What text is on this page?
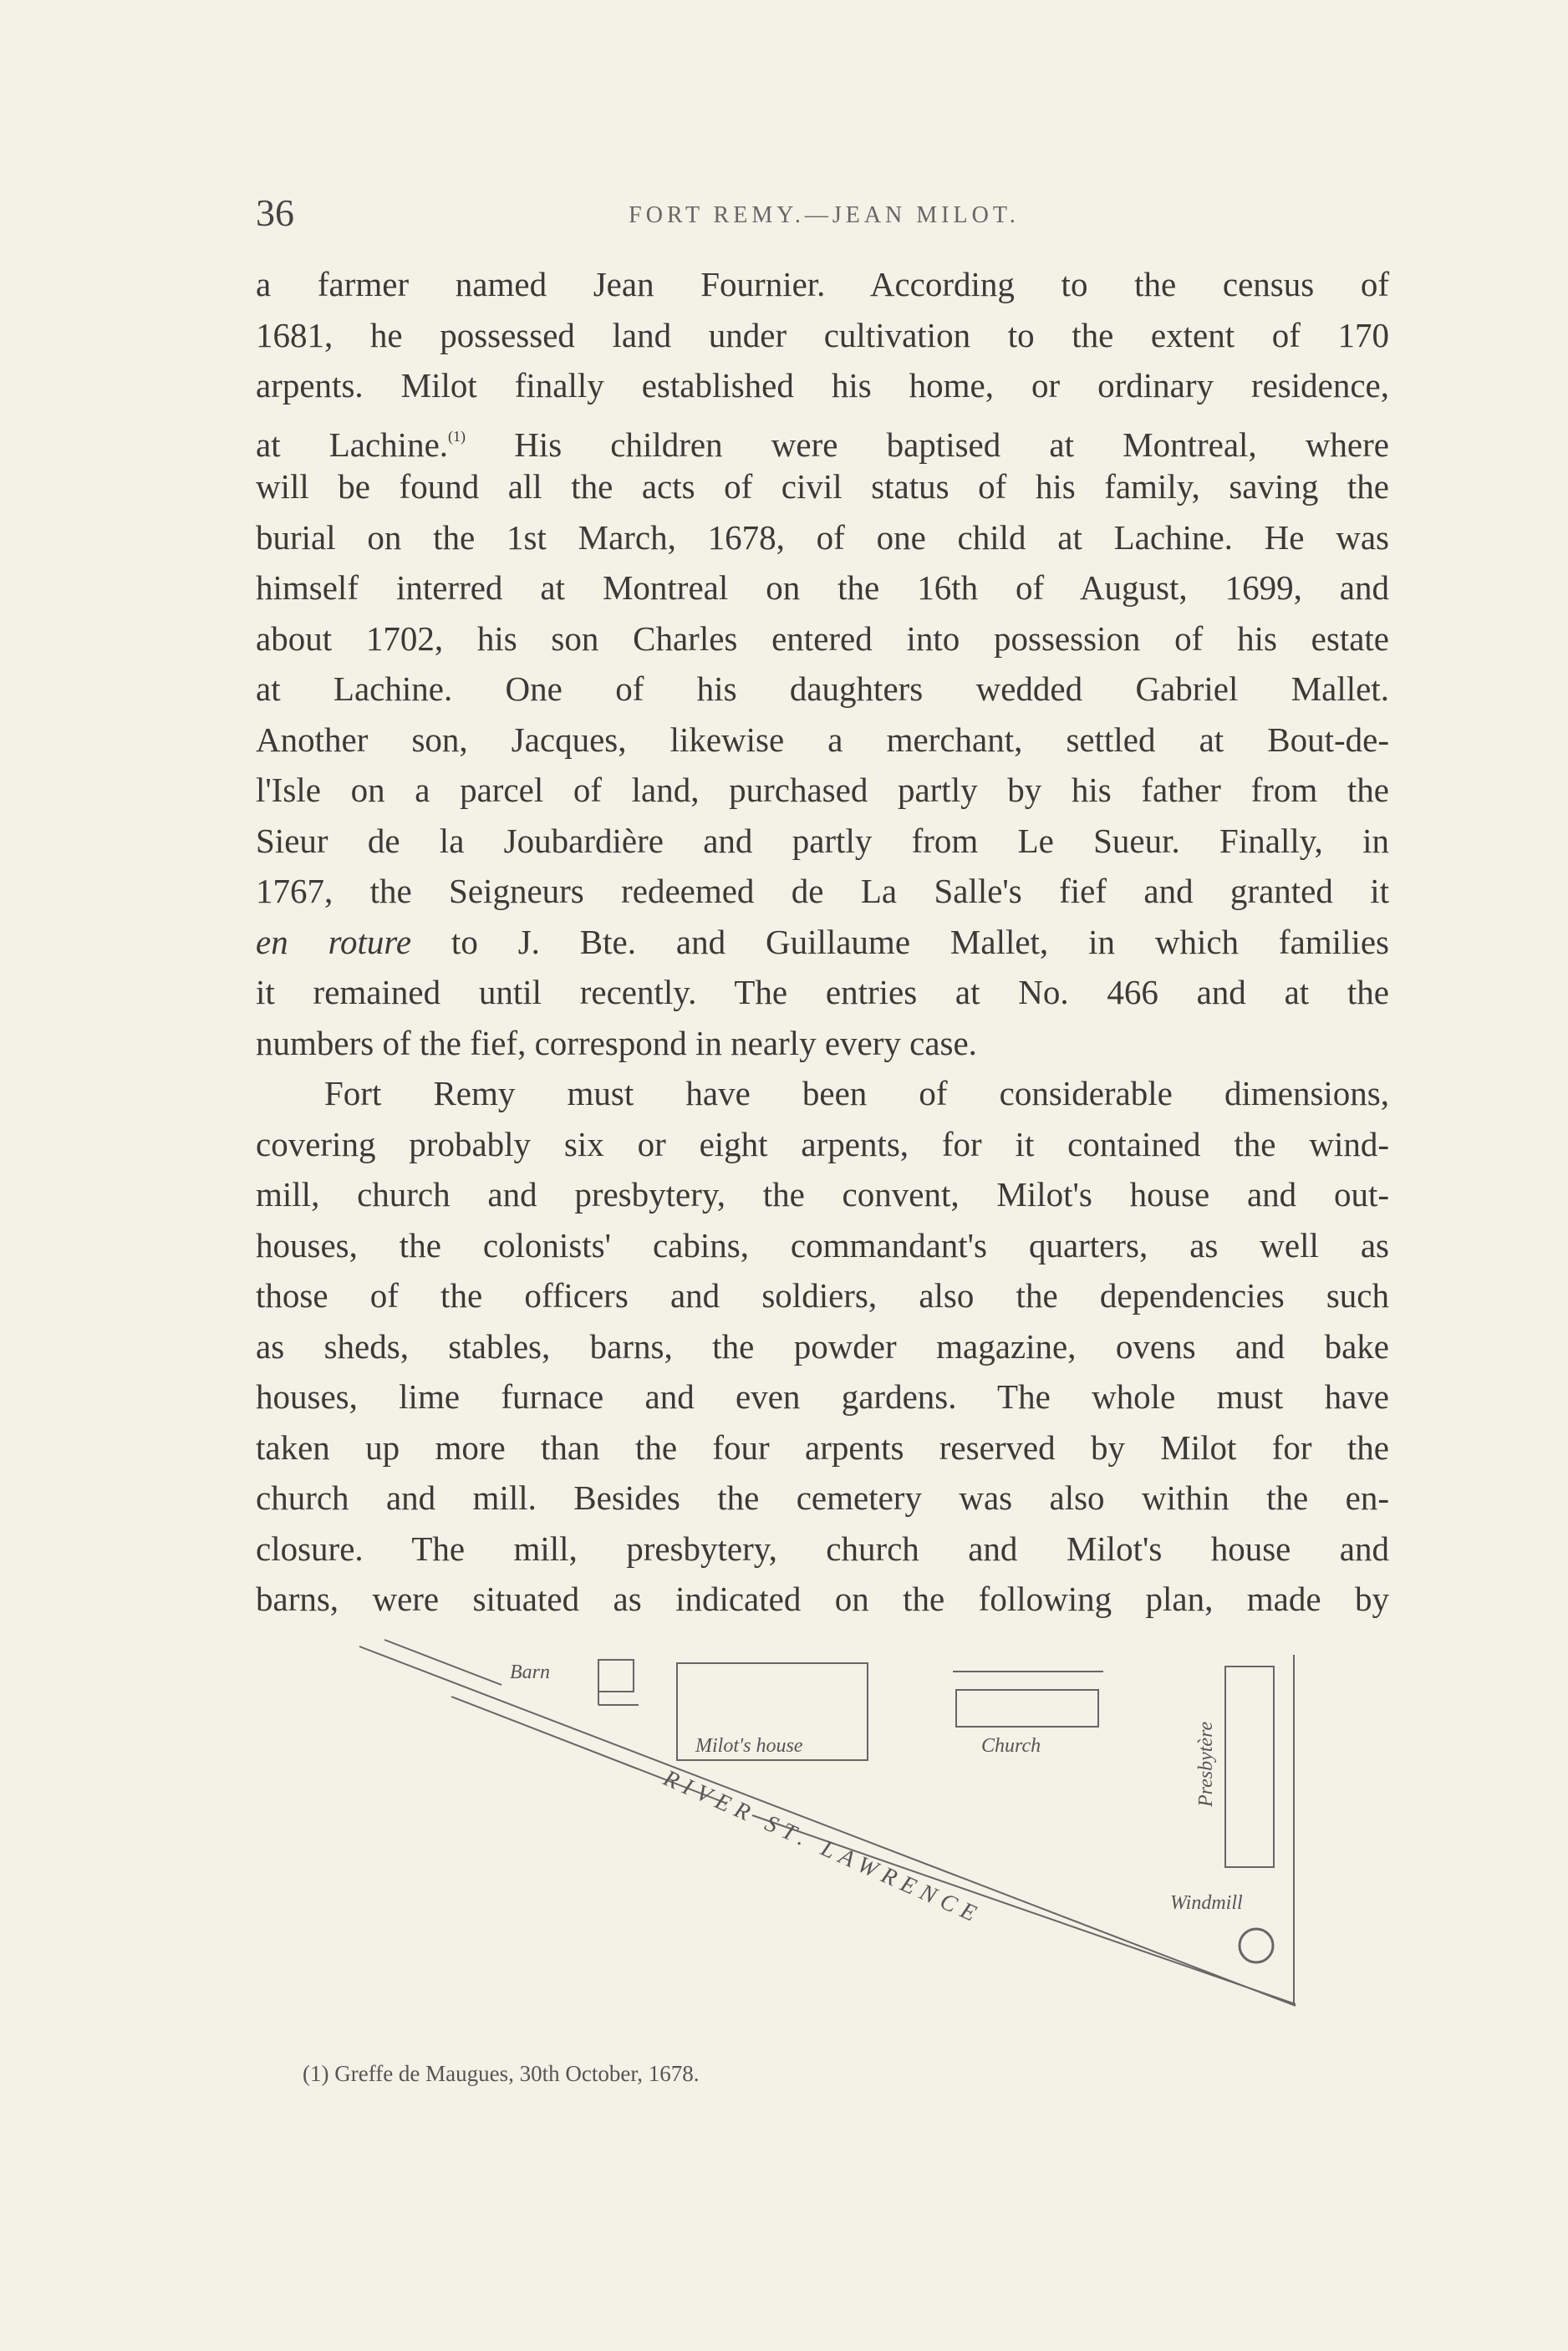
36	FORT REMY.—JEAN MILOT.
a farmer named Jean Fournier. According to the census of
1681, he possessed land under cultivation to the extent of 170
arpents. Milot finally established his home, or ordinary residence,
at Lachine.$^{(1)}$ His children were baptised at Montreal, where
will be found all the acts of civil status of his family, saving the
burial on the 1st March, 1678, of one child at Lachine. He was
himself interred at Montreal on the 16th of August, 1699, and
about 1702, his son Charles entered into possession of his estate
at Lachine. One of his daughters wedded Gabriel Mallet.
Another son, Jacques, likewise a merchant, settled at Bout-de-
l'Isle on a parcel of land, purchased partly by his father from the
Sieur de la Joubardière and partly from Le Sueur. Finally, in
1767, the Seigneurs redeemed de La Salle's fief and granted it
en roture to J. Bte. and Guillaume Mallet, in which families
it remained until recently. The entries at No. 466 and at the
numbers of the fief, correspond in nearly every case.
Fort Remy must have been of considerable dimensions,
covering probably six or eight arpents, for it contained the wind-
mill, church and presbytery, the convent, Milot's house and out-
houses, the colonists' cabins, commandant's quarters, as well as
those of the officers and soldiers, also the dependencies such
as sheds, stables, barns, the powder magazine, ovens and bake
houses, lime furnace and even gardens. The whole must have
taken up more than the four arpents reserved by Milot for the
church and mill. Besides the cemetery was also within the en-
closure. The mill, presbytery, church and Milot's house and
barns, were situated as indicated on the following plan, made by
Barn
Milot's house	Church	Presbytère
Windmill
RIVER ST. LAWRENCE
(1) Greffe de Maugues, 30th October, 1678.
